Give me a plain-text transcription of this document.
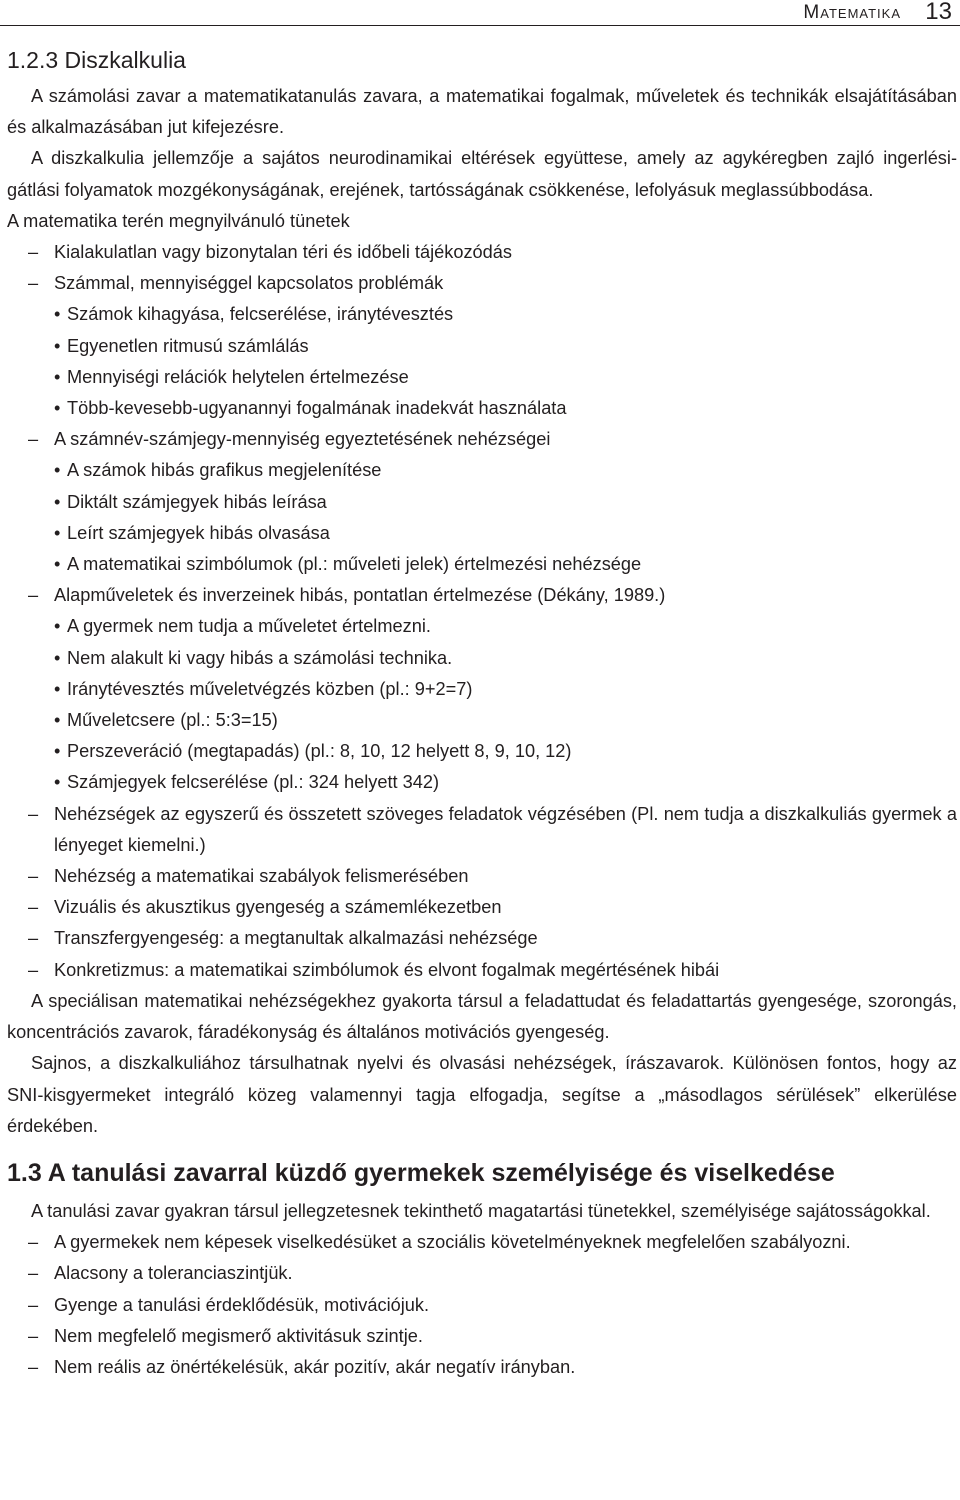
Matematika 13
1.2.3 Diszkalkulia

A számolási zavar a matematikatanulás zavara, a matematikai fogalmak, műveletek és technikák elsajátításában és alkalmazásában jut kifejezésre.

A diszkalkulia jellemzője a sajátos neurodinamikai eltérések együttese, amely az agykéregben zajló ingerlési-gátlási folyamatok mozgékonyságának, erejének, tartósságának csökkenése, lefolyásuk meglassúbbodása.

A matematika terén megnyilvánuló tünetek

– Kialakulatlan vagy bizonytalan téri és időbeli tájékozódás

– Számmal, mennyiséggel kapcsolatos problémák

• Számok kihagyása, felcserélése, iránytévesztés

• Egyenetlen ritmusú számlálás

• Mennyiségi relációk helytelen értelmezése

• Több-kevesebb-ugyanannyi fogalmának inadekvát használata

– A számnév-számjegy-mennyiség egyeztetésének nehézségei

• A számok hibás grafikus megjelenítése

• Diktált számjegyek hibás leírása

• Leírt számjegyek hibás olvasása

• A matematikai szimbólumok (pl.: műveleti jelek) értelmezési nehézsége

– Alapműveletek és inverzeinek hibás, pontatlan értelmezése (Dékány, 1989.)

• A gyermek nem tudja a műveletet értelmezni.

• Nem alakult ki vagy hibás a számolási technika.

• Iránytévesztés műveletvégzés közben (pl.: 9+2=7)

• Műveletcsere (pl.: 5:3=15)

• Perszeveráció (megtapadás) (pl.: 8, 10, 12 helyett 8, 9, 10, 12)

• Számjegyek felcserélése (pl.: 324 helyett 342)

– Nehézségek az egyszerű és összetett szöveges feladatok végzésében (Pl. nem tudja a diszkalkuliás gyermek a lényeget kiemelni.)

– Nehézség a matematikai szabályok felismerésében

– Vizuális és akusztikus gyengeség a számemlékezetben

– Transzfergyengeség: a megtanultak alkalmazási nehézsége

– Konkretizmus: a matematikai szimbólumok és elvont fogalmak megértésének hibái

A speciálisan matematikai nehézségekhez gyakorta társul a feladattudat és feladattartás gyengesége, szorongás, koncentrációs zavarok, fáradékonyság és általános motivációs gyengeség.

Sajnos, a diszkalkuliához társulhatnak nyelvi és olvasási nehézségek, írászavarok. Különösen fontos, hogy az SNI-kisgyermeket integráló közeg valamennyi tagja elfogadja, segítse a „másodlagos sérülések” elkerülése érdekében.

1.3 A tanulási zavarral küzdő gyermekek személyisége és viselkedése

A tanulási zavar gyakran társul jellegzetesnek tekinthető magatartási tünetekkel, személyisége sajátosságokkal.

– A gyermekek nem képesek viselkedésüket a szociális követelményeknek megfelelően szabályozni.

– Alacsony a toleranciaszintjük.

– Gyenge a tanulási érdeklődésük, motivációjuk.

– Nem megfelelő megismerő aktivitásuk szintje.

– Nem reális az önértékelésük, akár pozitív, akár negatív irányban.
